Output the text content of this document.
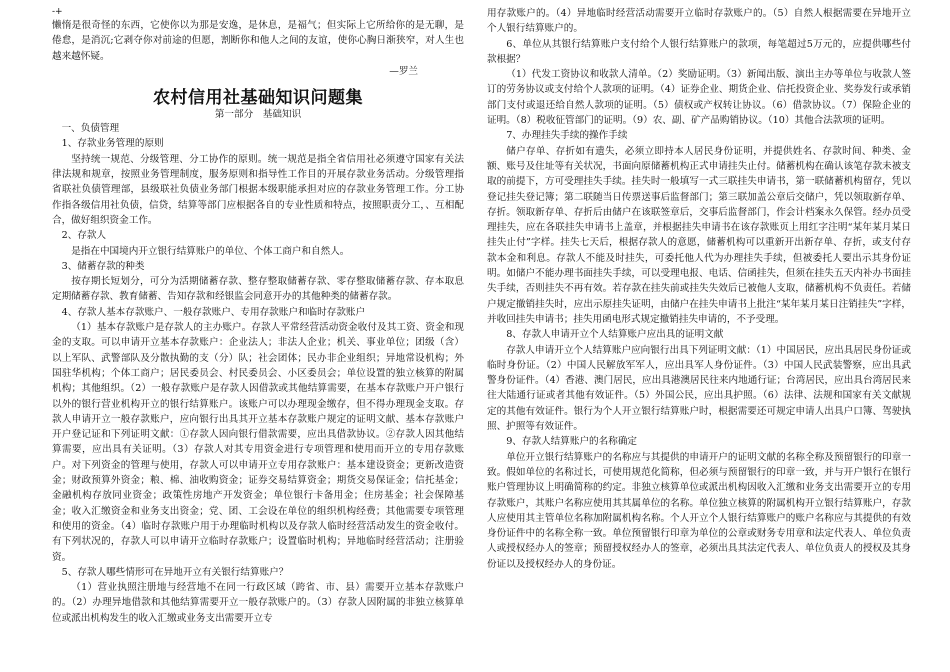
-+

懒惰是很奇怪的东西，它使你以为那是安逸，是休息，是福气；但实际上它所给你的是无聊，是倦怠，是消沉;它剥夺你对前途的但愿，割断你和他人之间的友谊，使你心胸日渐狭窄，对人生也越来越怀疑。

—罗兰

农村信用社基础知识问题集

第一部分　基础知识

一、负债管理

1、存款业务管理的原则

坚持统一规范、分级管理、分工协作的原则。统一规范是指全省信用社必须遵守国家有关法律法规和规章，按照业务管理制度，服务原则和指导性工作目的开展存款业务活动。分级管理指省联社负债管理部，县级联社负债业务部门根据本级职能承担对应的存款业务管理工作。分工协作指各级信用社负债，信贷，结算等部门应根据各自的专业性质和特点，按照职责分工，、互相配合，做好组织资金工作。

2、存款人

是指在中国境内开立银行结算账户的单位、个体工商户和自然人。

3、储蓄存款的种类

按存期长短划分，可分为活期储蓄存款、整存整取储蓄存款、零存整取储蓄存款、存本取息定期储蓄存款、教育储蓄、告知存款和经银监会同意开办的其他种类的储蓄存款。

4、存款人基本存款账户、一般存款账户、专用存款账户和临时存款账户

（1）基本存款账户是存款人的主办账户。存款人平常经营活动资金收付及其工资、资金和现金的支取。可以申请开立基本存款账户：企业法人；非法人企业；机关、事业单位；团级（含）以上军队、武警部队及分散执勤的支（分）队；社会团体；民办非企业组织；异地常设机构；外国驻华机构；个体工商户；居民委员会、村民委员会、小区委员会；单位设置的独立核算的附属机构；其他组织。（2）一般存款账户是存款人因借款或其他结算需要，在基本存款账户开户银行以外的银行营业机构开立的银行结算账户。该账户可以办理现金缴存，但不得办理现金支取。存款人申请开立一般存款账户，应向银行出具其开立基本存款账户规定的证明文献、基本存款账户开户登记证和下列证明文献：①存款人因向银行借款需要，应出具借款协议。②存款人因其他结算需要，应出具有关证明。（3）存款人对其专用资金进行专项管理和使用而开立的专用存款账户。对下列资金的管理与使用，存款人可以申请开立专用存款账户：基本建设资金；更新改造资金；财政预算外资金；粮、棉、油收购资金；证券交易结算资金；期货交易保证金；信托基金；金融机构存放同业资金；政策性房地产开发资金；单位银行卡备用金；住房基金；社会保障基金；收入汇缴资金和业务支出资金；党、团、工会设在单位的组织机构经费；其他需要专项管理和使用的资金。（4）临时存款账户用于办理临时机构以及存款人临时经营活动发生的资金收付。有下列状况的，存款人可以申请开立临时存款账户；设置临时机构；异地临时经营活动；注册验资。

5、存款人哪些情形可在异地开立有关银行结算账户？

（1）营业执照注册地与经营地不在同一行政区域（跨省、市、县）需要开立基本存款账户的。（2）办理异地借款和其他结算需要开立一般存款账户的。（3）存款人因附属的非独立核算单位或派出机构发生的收入汇缴或业务支出需要开立专

用存款账户的。（4）异地临时经营活动需要开立临时存款账户的。（5）自然人根据需要在异地开立个人银行结算账户的。

6、单位从其银行结算账户支付给个人银行结算账户的款项，每笔超过5万元的，应提供哪些付款根据？

（1）代发工资协议和收款人清单。（2）奖励证明。（3）新闻出版、演出主办等单位与收款人签订的劳务协议或支付给个人款项的证明。（4）证券企业、期货企业、信托投资企业、奖券发行或承销部门支付或退还给自然人款项的证明。（5）债权或产权转让协议。（6）借款协议。（7）保险企业的证明。（8）税收征管部门的证明。（9）农、副、矿产品购销协议。（10）其他合法款项的证明。

7、办理挂失手续的操作手续

储户存单、存折如有遗失，必须立即持本人居民身份证明，并提供姓名、存款时间、种类、金额、账号及住址等有关状况，书面向原储蓄机构正式申请挂失止付。储蓄机构在确认该笔存款未被支取的前提下，方可受理挂失手续。挂失时一般填写一式三联挂失申请书，第一联储蓄机构留存，凭以登记挂失登记簿；第二联随当日传票送事后监督部门；第三联加盖公章后交储户，凭以领取新存单、存折。领取新存单、存折后由储户在该联签章后，交事后监督部门，作会计档案永久保管。经办员受理挂失，应在各联挂失申请书上盖章，并根据挂失申请书在该存款账页上用红字注明“某年某月某日挂失止付”字样。挂失七天后，根据存款人的意愿，储蓄机构可以重新开出新存单、存折，或支付存款本金和利息。存款人不能及时挂失，可委托他人代为办理挂失手续，但被委托人要出示其身份证明。如储户不能办理书面挂失手续，可以受理电报、电话、信函挂失，但须在挂失五天内补办书面挂失手续，否则挂失不再有效。若存款在挂失前或挂失失效后已被他人支取，储蓄机构不负责任。若储户规定撤销挂失时，应出示原挂失证明，由储户在挂失申请书上批注“某年某月某日注销挂失”字样，并收回挂失申请书；挂失用函电形式规定撤销挂失申请的，不予受理。

8、存款人申请开立个人结算账户应出具的证明文献

存款人申请开立个人结算账户应向银行出具下列证明文献：（1）中国居民，应出具居民身份证或临时身份证。（2）中国人民解放军军人，应出具军人身份证件。（3）中国人民武装警察，应出具武警身份证件。（4）香港、澳门居民，应出具港澳居民往来内地通行证；台湾居民，应出具台湾居民来往大陆通行证或者其他有效证件。（5）外国公民，应出具护照。（6）法律、法规和国家有关文献规定的其他有效证件。银行为个人开立银行结算账户时，根据需要还可规定申请人出具户口簿、驾驶执照、护照等有效证件。

9、存款人结算账户的名称确定

单位开立银行结算账户的名称应与其提供的申请开户的证明文献的名称全称及预留银行的印章一致。假如单位的名称过长，可使用规范化简称，但必须与预留银行的印章一致，并与开户银行在银行账户管理协议上明确简称的约定。非独立核算单位或派出机构因收入汇缴和业务支出需要开立的专用存款账户，其账户名称应使用其其属单位的名称。单位独立核算的附属机构开立银行结算账户，存款人应使用其主管单位名称加附属机构名称。个人开立个人银行结算账户的账户名称应与其提供的有效身份证件中的名称全称一致。单位预留银行印章为单位的公章或财务专用章和法定代表人、单位负责人或授权经办人的签章；预留授权经办人的签章，必须出具其法定代表人、单位负责人的授权及其身份证以及授权经办人的身份证。
